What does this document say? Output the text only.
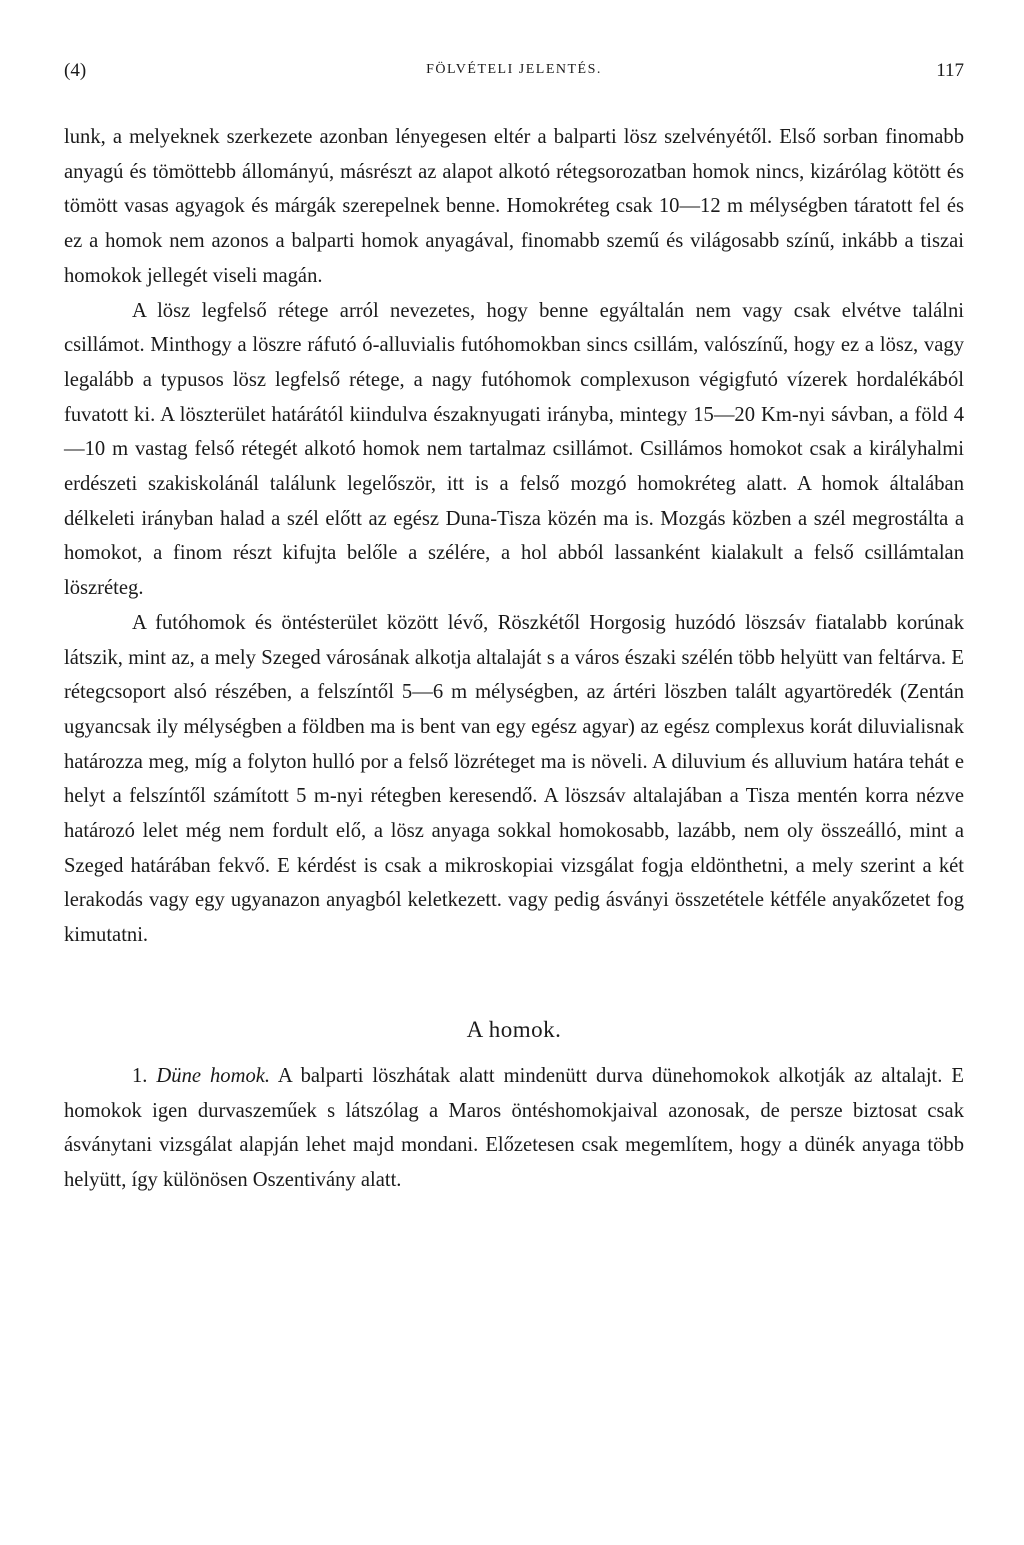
(4)	FÖLVÉTELI JELENTÉS.	117

lunk, a melyeknek szerkezete azonban lényegesen eltér a balparti lösz szelvényétől. Első sorban finomabb anyagú és tömöttebb állományú, másrészt az alapot alkotó rétegsorozatban homok nincs, kizárólag kötött és tömött vasas agyagok és márgák szerepelnek benne. Homokréteg csak 10—12 m mélységben táratott fel és ez a homok nem azonos a balparti homok anyagával, finomabb szemű és világosabb színű, inkább a tiszai homokok jellegét viseli magán.

A lösz legfelső rétege arról nevezetes, hogy benne egyáltalán nem vagy csak elvétve találni csillámot. Minthogy a löszre ráfutó ó-alluvialis futóhomokban sincs csillám, valószínű, hogy ez a lösz, vagy legalább a typusos lösz legfelső rétege, a nagy futóhomok complexuson végigfutó vízerek hordalékából fuvatott ki. A löszterület határától kiindulva északnyugati irányba, mintegy 15—20 Km-nyi sávban, a föld 4—10 m vastag felső rétegét alkotó homok nem tartalmaz csillámot. Csillámos homokot csak a királyhalmi erdészeti szakiskolánál találunk legelőször, itt is a felső mozgó homokréteg alatt. A homok általában délkeleti irányban halad a szél előtt az egész Duna-Tisza közén ma is. Mozgás közben a szél megrostálta a homokot, a finom részt kifujta belőle a szélére, a hol abból lassanként kialakult a felső csillámtalan löszréteg.

A futóhomok és öntésterület között lévő, Röszkétől Horgosig huzódó löszsáv fiatalabb korúnak látszik, mint az, a mely Szeged városának alkotja altalaját s a város északi szélén több helyütt van feltárva. E rétegcsoport alsó részében, a felszíntől 5—6 m mélységben, az ártéri löszben talált agyartöredék (Zentán ugyancsak ily mélységben a földben ma is bent van egy egész agyar) az egész complexus korát diluvialisnak határozza meg, míg a folyton hulló por a felső lözréteget ma is növeli. A diluvium és alluvium határa tehát e helyt a felszíntől számított 5 m-nyi rétegben keresendő. A löszsáv altalajában a Tisza mentén korra nézve határozó lelet még nem fordult elő, a lösz anyaga sokkal homokosabb, lazább, nem oly összeálló, mint a Szeged határában fekvő. E kérdést is csak a mikroskopiai vizsgálat fogja eldönthetni, a mely szerint a két lerakodás vagy egy ugyanazon anyagból keletkezett. vagy pedig ásványi összetétele kétféle anyakőzetet fog kimutatni.

A homok.

1. Düne homok. A balparti löszhátak alatt mindenütt durva dünehomokok alkotják az altalajt. E homokok igen durvaszeműek s látszólag a Maros öntéshomokjaival azonosak, de persze biztosat csak ásványtani vizsgálat alapján lehet majd mondani. Előzetesen csak megemlítem, hogy a dünék anyaga több helyütt, így különösen Oszentivány alatt.
